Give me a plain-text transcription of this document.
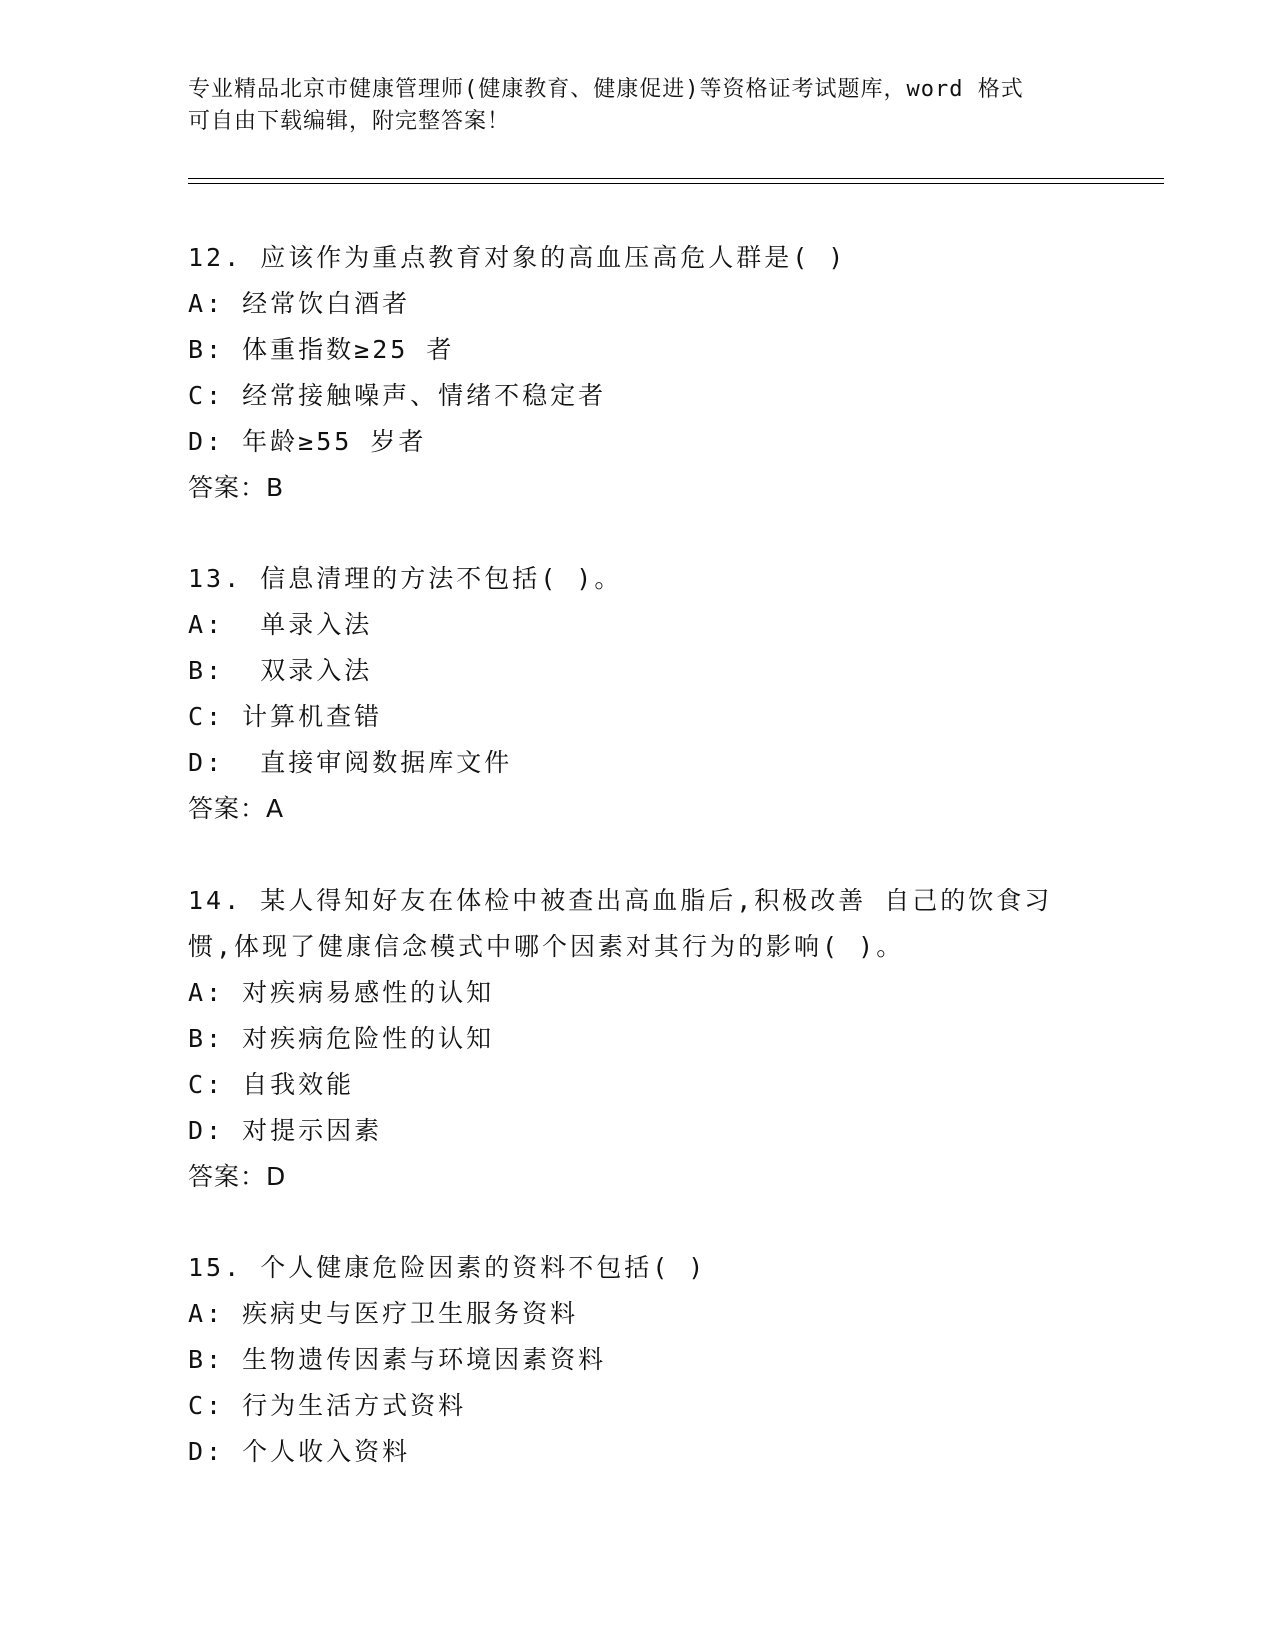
专业精品北京市健康管理师(健康教育、健康促进)等资格证考试题库，word 格式
可自由下载编辑，附完整答案！

12. 应该作为重点教育对象的高血压高危人群是( )

A: 经常饮白酒者

B: 体重指数≥25 者

C: 经常接触噪声、情绪不稳定者

D: 年龄≥55 岁者

答案：B

13. 信息清理的方法不包括( )。

A:  单录入法

B:  双录入法

C: 计算机查错

D:  直接审阅数据库文件

答案：A

14. 某人得知好友在体检中被查出高血脂后,积极改善 自己的饮食习

惯,体现了健康信念模式中哪个因素对其行为的影响( )。

A: 对疾病易感性的认知

B: 对疾病危险性的认知

C: 自我效能

D: 对提示因素

答案：D

15. 个人健康危险因素的资料不包括( )

A: 疾病史与医疗卫生服务资料

B: 生物遗传因素与环境因素资料

C: 行为生活方式资料

D: 个人收入资料
